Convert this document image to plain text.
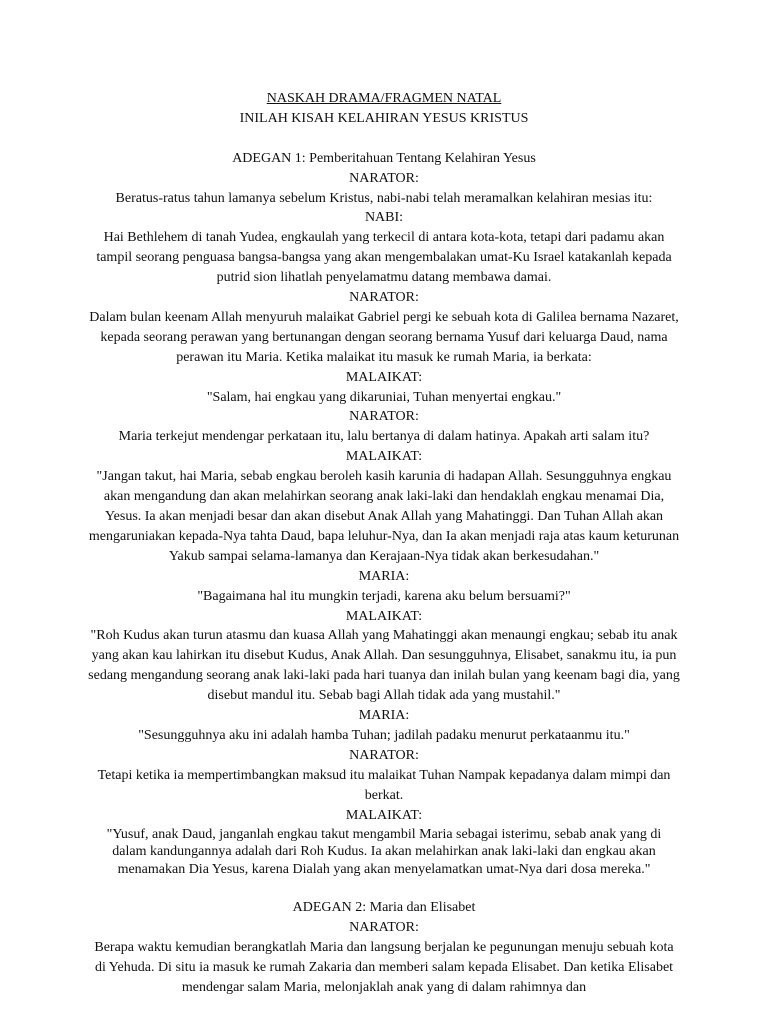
NASKAH DRAMA/FRAGMEN NATAL
INILAH KISAH KELAHIRAN YESUS KRISTUS
ADEGAN 1: Pemberitahuan Tentang Kelahiran Yesus
NARATOR:

Beratus-ratus tahun lamanya sebelum Kristus, nabi-nabi telah meramalkan kelahiran mesias itu:

NABI:

Hai Bethlehem di tanah Yudea, engkaulah yang terkecil di antara kota-kota, tetapi dari padamu akan tampil seorang penguasa bangsa-bangsa yang akan mengembalakan umat-Ku Israel katakanlah kepada putrid sion lihatlah penyelamatmu datang membawa damai.

NARATOR:

Dalam bulan keenam Allah menyuruh malaikat Gabriel pergi ke sebuah kota di Galilea bernama Nazaret, kepada seorang perawan yang bertunangan dengan seorang bernama Yusuf dari keluarga Daud, nama perawan itu Maria. Ketika malaikat itu masuk ke rumah Maria, ia berkata:

MALAIKAT:

"Salam, hai engkau yang dikaruniai, Tuhan menyertai engkau."

NARATOR:

Maria terkejut mendengar perkataan itu, lalu bertanya di dalam hatinya. Apakah arti salam itu?

MALAIKAT:

"Jangan takut, hai Maria, sebab engkau beroleh kasih karunia di hadapan Allah. Sesungguhnya engkau akan mengandung dan akan melahirkan seorang anak laki-laki dan hendaklah engkau menamai Dia, Yesus. Ia akan menjadi besar dan akan disebut Anak Allah yang Mahatinggi. Dan Tuhan Allah akan mengaruniakan kepada-Nya tahta Daud, bapa leluhur-Nya, dan Ia akan menjadi raja atas kaum keturunan Yakub sampai selama-lamanya dan Kerajaan-Nya tidak akan berkesudahan."

MARIA:

"Bagaimana hal itu mungkin terjadi, karena aku belum bersuami?"

MALAIKAT:

"Roh Kudus akan turun atasmu dan kuasa Allah yang Mahatinggi akan menaungi engkau; sebab itu anak yang akan kau lahirkan itu disebut Kudus, Anak Allah. Dan sesungguhnya, Elisabet, sanakmu itu, ia pun sedang mengandung seorang anak laki-laki pada hari tuanya dan inilah bulan yang keenam bagi dia, yang disebut mandul itu. Sebab bagi Allah tidak ada yang mustahil."

MARIA:

"Sesungguhnya aku ini adalah hamba Tuhan; jadilah padaku menurut perkataanmu itu."

NARATOR:

Tetapi ketika ia mempertimbangkan maksud itu malaikat Tuhan Nampak kepadanya dalam mimpi dan berkat.

MALAIKAT:

"Yusuf, anak Daud, janganlah engkau takut mengambil Maria sebagai isterimu, sebab anak yang di dalam kandungannya adalah dari Roh Kudus. Ia akan melahirkan anak laki-laki dan engkau akan menamakan Dia Yesus, karena Dialah yang akan menyelamatkan umat-Nya dari dosa mereka."

ADEGAN 2: Maria dan Elisabet
NARATOR:

Berapa waktu kemudian berangkatlah Maria dan langsung berjalan ke pegunungan menuju sebuah kota di Yehuda. Di situ ia masuk ke rumah Zakaria dan memberi salam kepada Elisabet. Dan ketika Elisabet mendengar salam Maria, melonjaklah anak yang di dalam rahimnya dan
